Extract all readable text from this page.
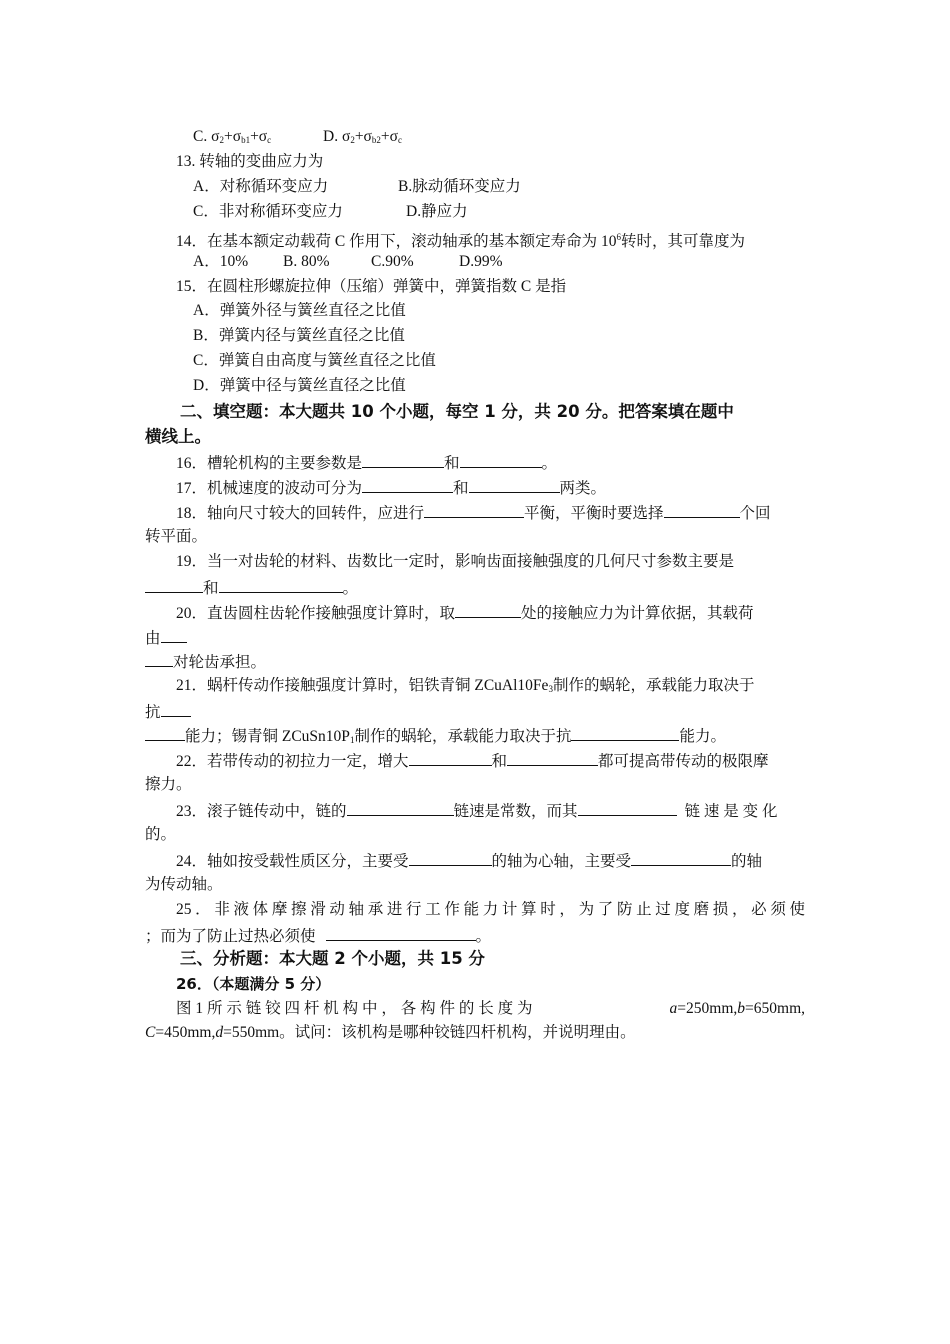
C. $\sigma_2+\sigma_{b1}+\sigma_c$	D. $\sigma_2+\sigma_{b2}+\sigma_c$
13. 转轴的变曲应力为
A．对称循环变应力	B.脉动循环变应力
C．非对称循环变应力	D.静应力
14．在基本额定动载荷 C 作用下，滚动轴承的基本额定寿命为 $10^6$转时，其可靠度为
A．10% B. 80%	C.90%	D.99%
15．在圆柱形螺旋拉伸（压缩）弹簧中，弹簧指数 C 是指
A．弹簧外径与簧丝直径之比值
B．弹簧内径与簧丝直径之比值
C．弹簧自由高度与簧丝直径之比值
D．弹簧中径与簧丝直径之比值
二、填空题：本大题共 10 个小题，每空 1 分，共 20 分。把答案填在题中
横线上。
16．槽轮机构的主要参数是	和	。
17．机械速度的波动可分为	和	两类。
18．轴向尺寸较大的回转件，应进行	平衡，平衡时要选择	个回
转平面。
19．当一对齿轮的材料、齿数比一定时，影响齿面接触强度的几何尺寸参数主要是
和	。
20．直齿圆柱齿轮作接触强度计算时，取	处的接触应力为计算依据，其载荷
由
对轮齿承担。
21．蜗杆传动作接触强度计算时，铝铁青铜 $ZCuAl10Fe_3$制作的蜗轮，承载能力取决于
抗
能力；锡青铜 $ZCuSn10P_1$制作的蜗轮，承载能力取决于抗	能力。
22．若带传动的初拉力一定，增大	和	都可提高带传动的极限摩
擦力。
23．滚子链传动中，链的	链速是常数，而其	链 速 是 变 化
的。
24．轴如按受载性质区分，主要受	的轴为心轴，主要受	的轴
为传动轴。
25．非液体摩擦滑动轴承进行工作能力计算时，为了防止过度磨损，必须使
；而为了防止过热必须使	。
三、分析题：本大题 2 个小题，共 15 分
26．（本题满分 5 分）
图 1 所 示 链 铰 四 杆 机 构 中 ， 各 构 件 的 长 度 为	a=250mm,b=650mm,
C=450mm,d=550mm。试问：该机构是哪种铰链四杆机构，并说明理由。
